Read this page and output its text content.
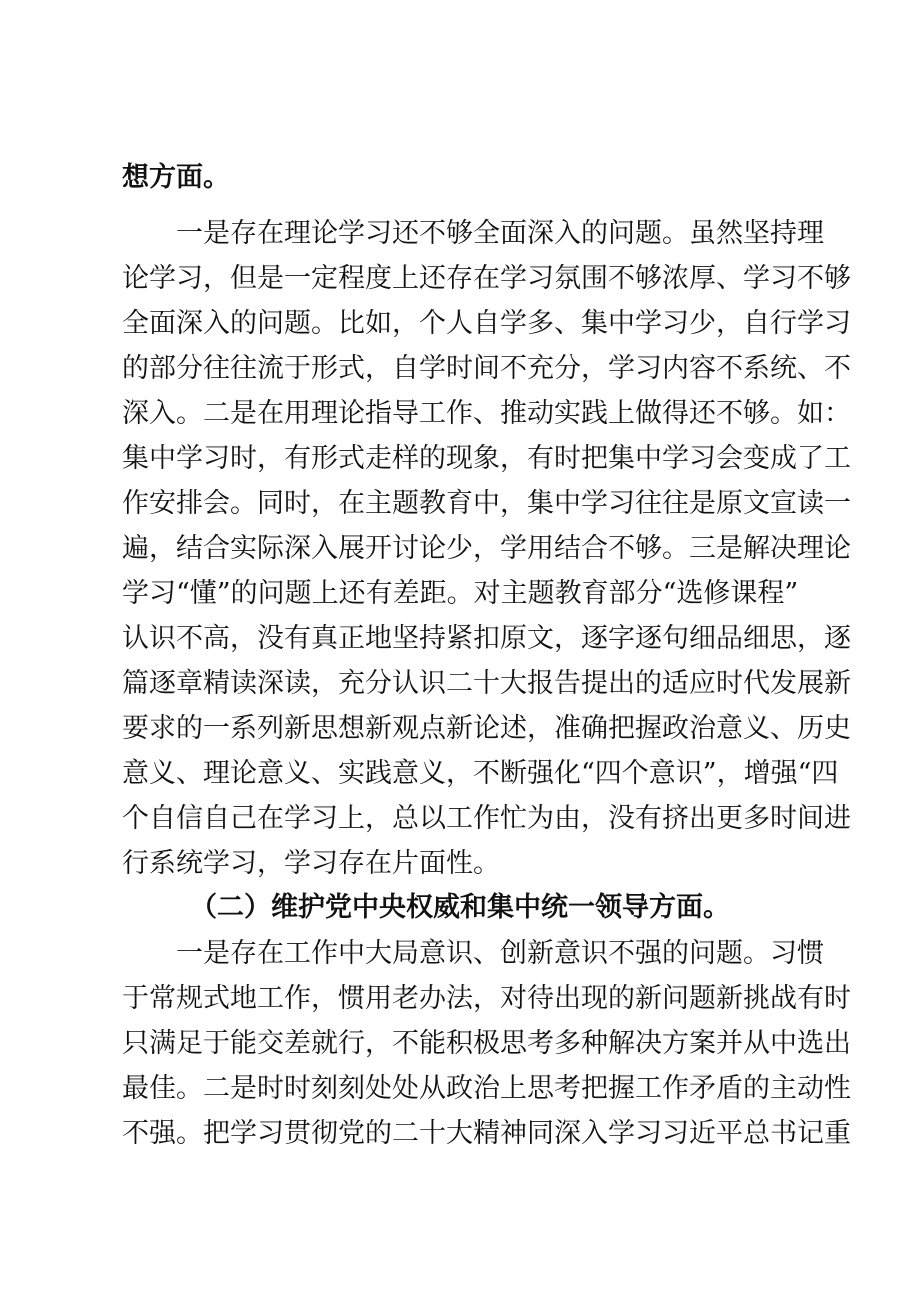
想方面。
一是存在理论学习还不够全面深入的问题。虽然坚持理
论学习，但是一定程度上还存在学习氛围不够浓厚、学习不够
全面深入的问题。比如，个人自学多、集中学习少，自行学习
的部分往往流于形式，自学时间不充分，学习内容不系统、不
深入。二是在用理论指导工作、推动实践上做得还不够。如：
集中学习时，有形式走样的现象，有时把集中学习会变成了工
作安排会。同时，在主题教育中，集中学习往往是原文宣读一
遍，结合实际深入展开讨论少，学用结合不够。三是解决理论
学习“懂”的问题上还有差距。对主题教育部分“选修课程”
认识不高，没有真正地坚持紧扣原文，逐字逐句细品细思，逐
篇逐章精读深读，充分认识二十大报告提出的适应时代发展新
要求的一系列新思想新观点新论述，准确把握政治意义、历史
意义、理论意义、实践意义，不断强化“四个意识”，增强“四
个自信自己在学习上，总以工作忙为由，没有挤出更多时间进
行系统学习，学习存在片面性。
（二）维护党中央权威和集中统一领导方面。
一是存在工作中大局意识、创新意识不强的问题。习惯
于常规式地工作，惯用老办法，对待出现的新问题新挑战有时
只满足于能交差就行，不能积极思考多种解决方案并从中选出
最佳。二是时时刻刻处处从政治上思考把握工作矛盾的主动性
不强。把学习贯彻党的二十大精神同深入学习习近平总书记重
